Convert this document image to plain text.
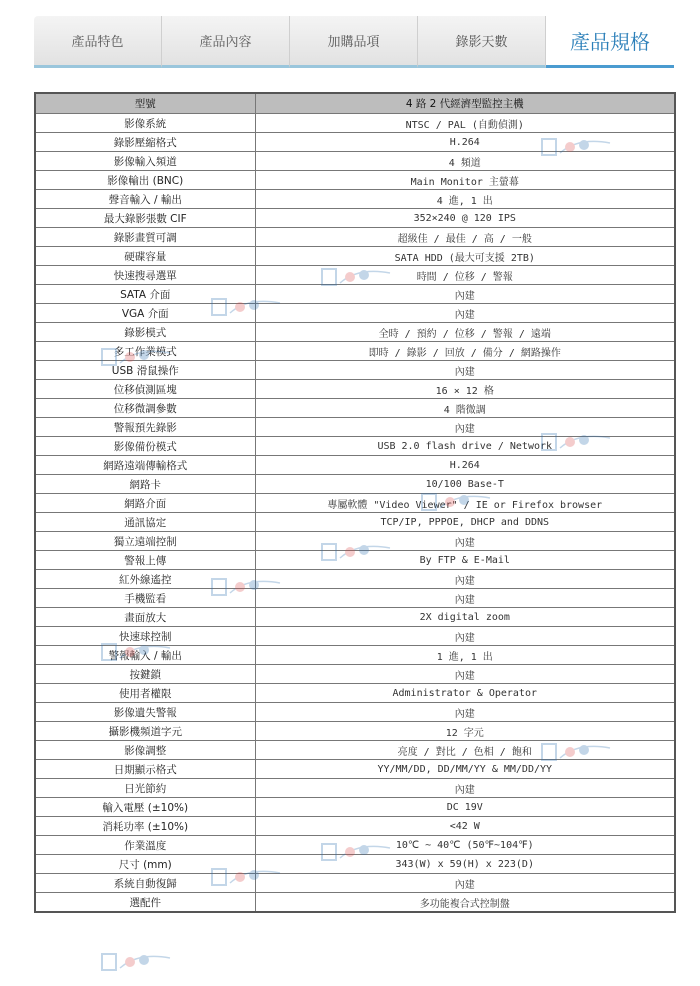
產品特色	產品內容	加購品項	錄影天數	產品規格
型號	4 路 2 代經濟型監控主機
影像系統	NTSC / PAL (自動偵測)
錄影壓縮格式	H.264
影像輸入頻道	4 頻道
影像輸出 (BNC)	Main Monitor 主螢幕
聲音輸入 / 輸出	4 進, 1 出
最大錄影張數 CIF	352×240 @ 120 IPS
錄影畫質可調	超級佳 / 最佳 / 高 / 一般
硬碟容量	SATA HDD (最大可支援 2TB)
快速搜尋選單	時間 / 位移 / 警報
SATA 介面	內建
VGA 介面	內建
錄影模式	全時 / 預約 / 位移 / 警報 / 遠端
多工作業模式	即時 / 錄影 / 回放 / 備分 / 網路操作
USB 滑鼠操作	內建
位移偵測區塊	16 × 12 格
位移微調參數	4 階微調
警報預先錄影	內建
影像備份模式	USB 2.0 flash drive / Network
網路遠端傳輸格式	H.264
網路卡	10/100 Base-T
網路介面	專屬軟體 "Video Viewer" / IE or Firefox browser
通訊協定	TCP/IP, PPPOE, DHCP and DDNS
獨立遠端控制	內建
警報上傳	By FTP & E-Mail
紅外線遙控	內建
手機監看	內建
畫面放大	2X digital zoom
快速球控制	內建
警報輸入 / 輸出	1 進, 1 出
按鍵鎖	內建
使用者權限	Administrator & Operator
影像遺失警報	內建
攝影機頻道字元	12 字元
影像調整	亮度 / 對比 / 色相 / 飽和
日期顯示格式	YY/MM/DD, DD/MM/YY & MM/DD/YY
日光節約	內建
輸入電壓 (±10%)	DC 19V
消耗功率 (±10%)	<42 W
作業溫度	10℃ ~ 40℃ (50℉~104℉)
尺寸 (mm)	343(W) x 59(H) x 223(D)
系統自動復歸	內建
選配件	多功能複合式控制盤
